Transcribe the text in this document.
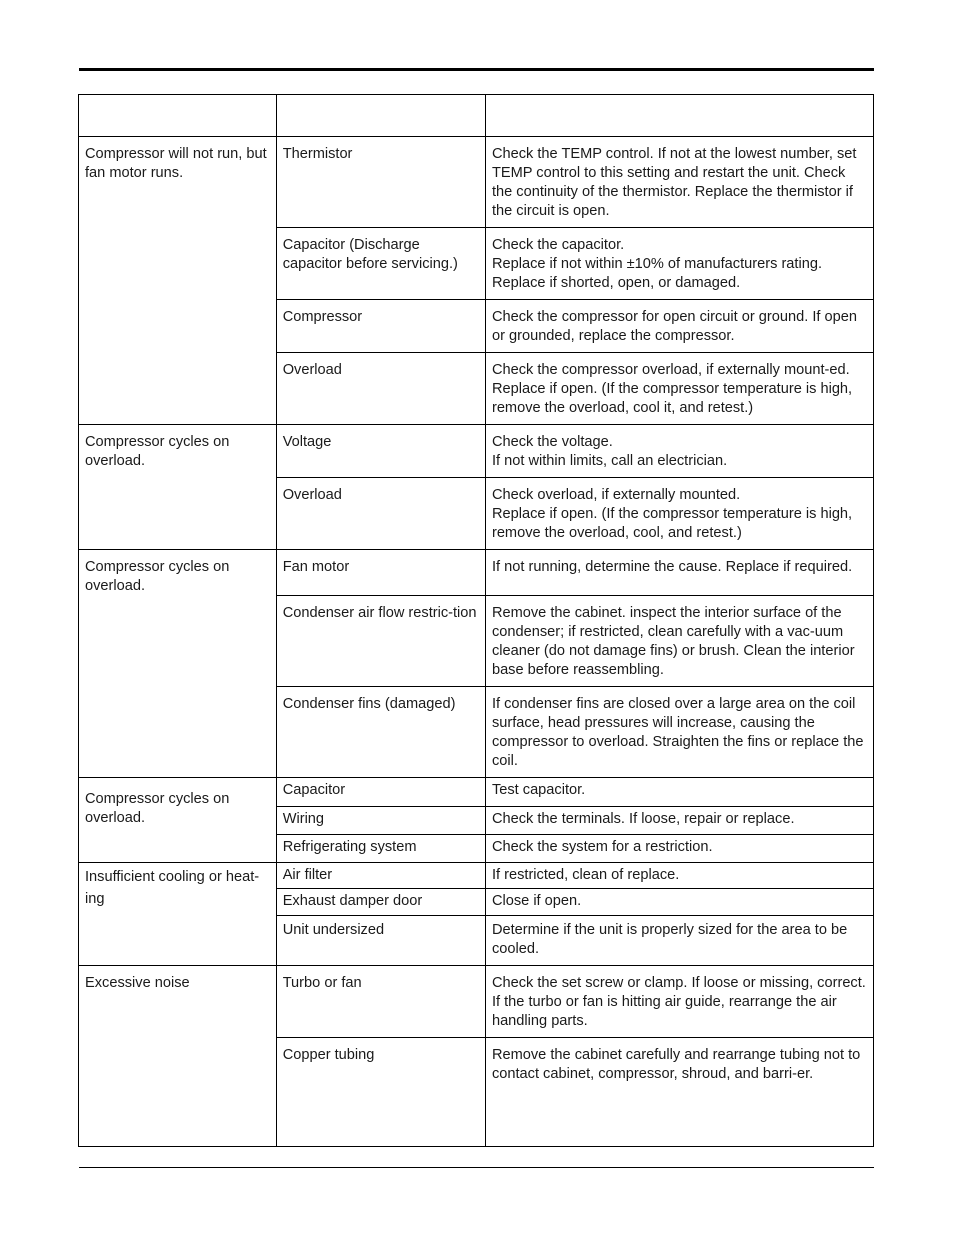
Compressor will not run, but fan motor runs.	Thermistor	Check the TEMP control. If not at the lowest number, set TEMP control to this setting and restart the unit. Check the continuity of the thermistor. Replace the thermistor if the circuit is open.
	Capacitor (Discharge capacitor before servicing.)	Check the capacitor.
Replace if not within ±10% of manufacturers rating. Replace if shorted, open, or damaged.

	Compressor	Check the compressor for open circuit or ground. If open or grounded, replace the compressor.
	Overload	Check the compressor overload, if externally mount-ed. Replace if open. (If the compressor temperature is high, remove the overload, cool it, and retest.)
Compressor cycles on overload.	Voltage	Check the voltage.
If not within limits, call an electrician.

	Overload	Check overload, if externally mounted.
Replace if open. (If the compressor temperature is high, remove the overload, cool, and retest.)

Compressor cycles on overload.	Fan motor	If not running, determine the cause. Replace if required.
	Condenser air flow restric-tion	Remove the cabinet. inspect the interior surface of the condenser; if restricted, clean carefully with a vac-uum cleaner (do not damage fins) or brush. Clean the interior base before reassembling.
	Condenser fins (damaged)	If condenser fins are closed over a large area on the coil surface, head pressures will increase, causing the compressor to overload. Straighten the fins or replace the coil.
Compressor cycles on overload.	Capacitor	Test capacitor.
	Wiring	Check the terminals. If loose, repair or replace.
	Refrigerating system	Check the system for a restriction.
Insufficient cooling or heat-ing	Air filter	If restricted, clean of replace.
	Exhaust damper door	Close if open.
	Unit undersized	Determine if the unit is properly sized for the area to be cooled.
Excessive noise	Turbo or fan	Check the set screw or clamp. If loose or missing, correct. If the turbo or fan is hitting air guide, rearrange the air handling parts.
	Copper tubing	Remove the cabinet carefully and rearrange tubing not to contact cabinet, compressor, shroud, and barri-er.
